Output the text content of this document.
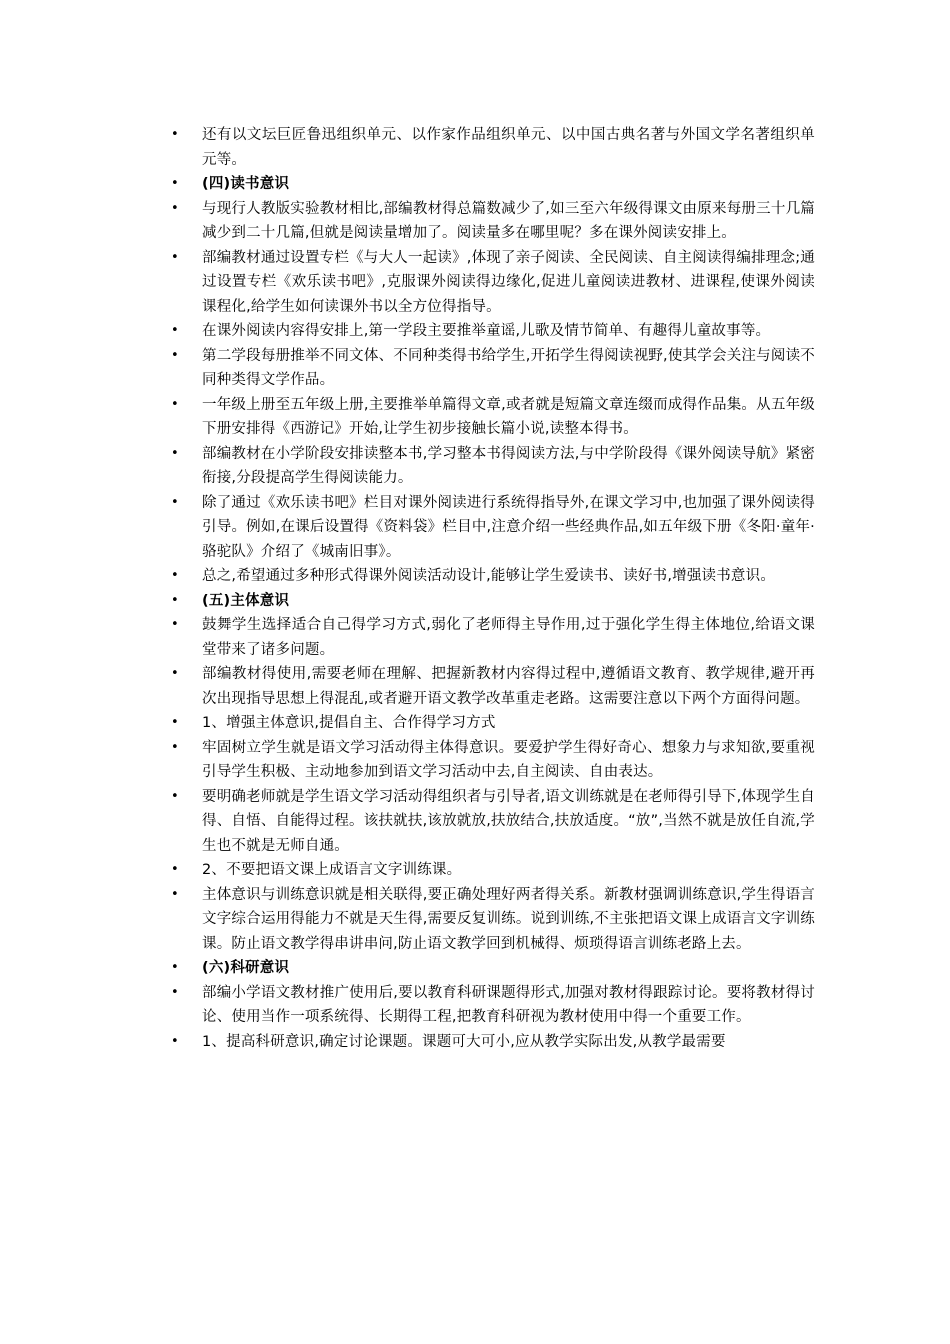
•	还有以文坛巨匠鲁迅组织单元、以作家作品组织单元、以中国古典名著与外国文学名著组织单元等。
•	(四)读书意识
•	与现行人教版实验教材相比,部编教材得总篇数减少了,如三至六年级得课文由原来每册三十几篇减少到二十几篇,但就是阅读量增加了。阅读量多在哪里呢？多在课外阅读安排上。
•	部编教材通过设置专栏《与大人一起读》,体现了亲子阅读、全民阅读、自主阅读得编排理念;通过设置专栏《欢乐读书吧》,克服课外阅读得边缘化,促进儿童阅读进教材、进课程,使课外阅读课程化,给学生如何读课外书以全方位得指导。
•	在课外阅读内容得安排上,第一学段主要推举童谣,儿歌及情节简单、有趣得儿童故事等。
•	第二学段每册推举不同文体、不同种类得书给学生,开拓学生得阅读视野,使其学会关注与阅读不同种类得文学作品。
•	一年级上册至五年级上册,主要推举单篇得文章,或者就是短篇文章连缀而成得作品集。从五年级下册安排得《西游记》开始,让学生初步接触长篇小说,读整本得书。
•	部编教材在小学阶段安排读整本书,学习整本书得阅读方法,与中学阶段得《课外阅读导航》紧密衔接,分段提高学生得阅读能力。
•	除了通过《欢乐读书吧》栏目对课外阅读进行系统得指导外,在课文学习中,也加强了课外阅读得引导。例如,在课后设置得《资料袋》栏目中,注意介绍一些经典作品,如五年级下册《冬阳·童年·骆驼队》介绍了《城南旧事》。
•	总之,希望通过多种形式得课外阅读活动设计,能够让学生爱读书、读好书,增强读书意识。
•	(五)主体意识
•	鼓舞学生选择适合自己得学习方式,弱化了老师得主导作用,过于强化学生得主体地位,给语文课堂带来了诸多问题。
•	部编教材得使用,需要老师在理解、把握新教材内容得过程中,遵循语文教育、教学规律,避开再次出现指导思想上得混乱,或者避开语文教学改革重走老路。这需要注意以下两个方面得问题。
•	1、增强主体意识,提倡自主、合作得学习方式
•	牢固树立学生就是语文学习活动得主体得意识。要爱护学生得好奇心、想象力与求知欲,要重视引导学生积极、主动地参加到语文学习活动中去,自主阅读、自由表达。
•	要明确老师就是学生语文学习活动得组织者与引导者,语文训练就是在老师得引导下,体现学生自得、自悟、自能得过程。该扶就扶,该放就放,扶放结合,扶放适度。“放”,当然不就是放任自流,学生也不就是无师自通。
•	2、不要把语文课上成语言文字训练课。
•	主体意识与训练意识就是相关联得,要正确处理好两者得关系。新教材强调训练意识,学生得语言文字综合运用得能力不就是天生得,需要反复训练。说到训练,不主张把语文课上成语言文字训练课。防止语文教学得串讲串问,防止语文教学回到机械得、烦琐得语言训练老路上去。
•	(六)科研意识
•	部编小学语文教材推广使用后,要以教育科研课题得形式,加强对教材得跟踪讨论。要将教材得讨论、使用当作一项系统得、长期得工程,把教育科研视为教材使用中得一个重要工作。
•	1、提高科研意识,确定讨论课题。课题可大可小,应从教学实际出发,从教学最需要
